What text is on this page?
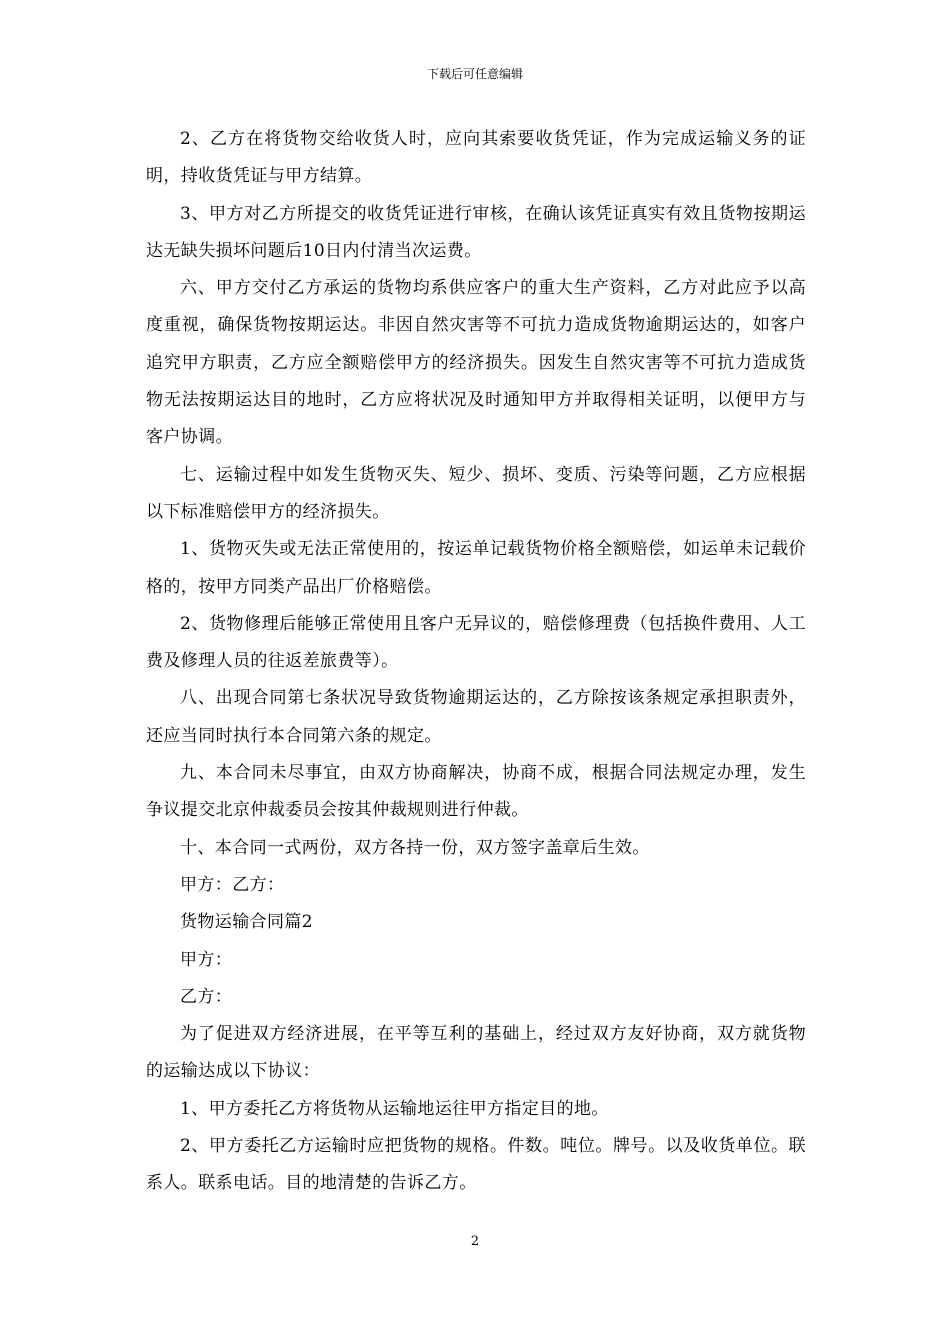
下载后可任意编辑

2、乙方在将货物交给收货人时，应向其索要收货凭证，作为完成运输义务的证明，持收货凭证与甲方结算。

3、甲方对乙方所提交的收货凭证进行审核，在确认该凭证真实有效且货物按期运达无缺失损坏问题后10日内付清当次运费。

六、甲方交付乙方承运的货物均系供应客户的重大生产资料，乙方对此应予以高度重视，确保货物按期运达。非因自然灾害等不可抗力造成货物逾期运达的，如客户追究甲方职责，乙方应全额赔偿甲方的经济损失。因发生自然灾害等不可抗力造成货物无法按期运达目的地时，乙方应将状况及时通知甲方并取得相关证明，以便甲方与客户协调。

七、运输过程中如发生货物灭失、短少、损坏、变质、污染等问题，乙方应根据以下标准赔偿甲方的经济损失。

1、货物灭失或无法正常使用的，按运单记载货物价格全额赔偿，如运单未记载价格的，按甲方同类产品出厂价格赔偿。

2、货物修理后能够正常使用且客户无异议的，赔偿修理费（包括换件费用、人工费及修理人员的往返差旅费等）。

八、出现合同第七条状况导致货物逾期运达的，乙方除按该条规定承担职责外，还应当同时执行本合同第六条的规定。

九、本合同未尽事宜，由双方协商解决，协商不成，根据合同法规定办理，发生争议提交北京仲裁委员会按其仲裁规则进行仲裁。

十、本合同一式两份，双方各持一份，双方签字盖章后生效。

甲方：乙方：

货物运输合同篇2

甲方：

乙方：

为了促进双方经济进展，在平等互利的基础上，经过双方友好协商，双方就货物的运输达成以下协议：

1、甲方委托乙方将货物从运输地运往甲方指定目的地。

2、甲方委托乙方运输时应把货物的规格。件数。吨位。牌号。以及收货单位。联系人。联系电话。目的地清楚的告诉乙方。

2
